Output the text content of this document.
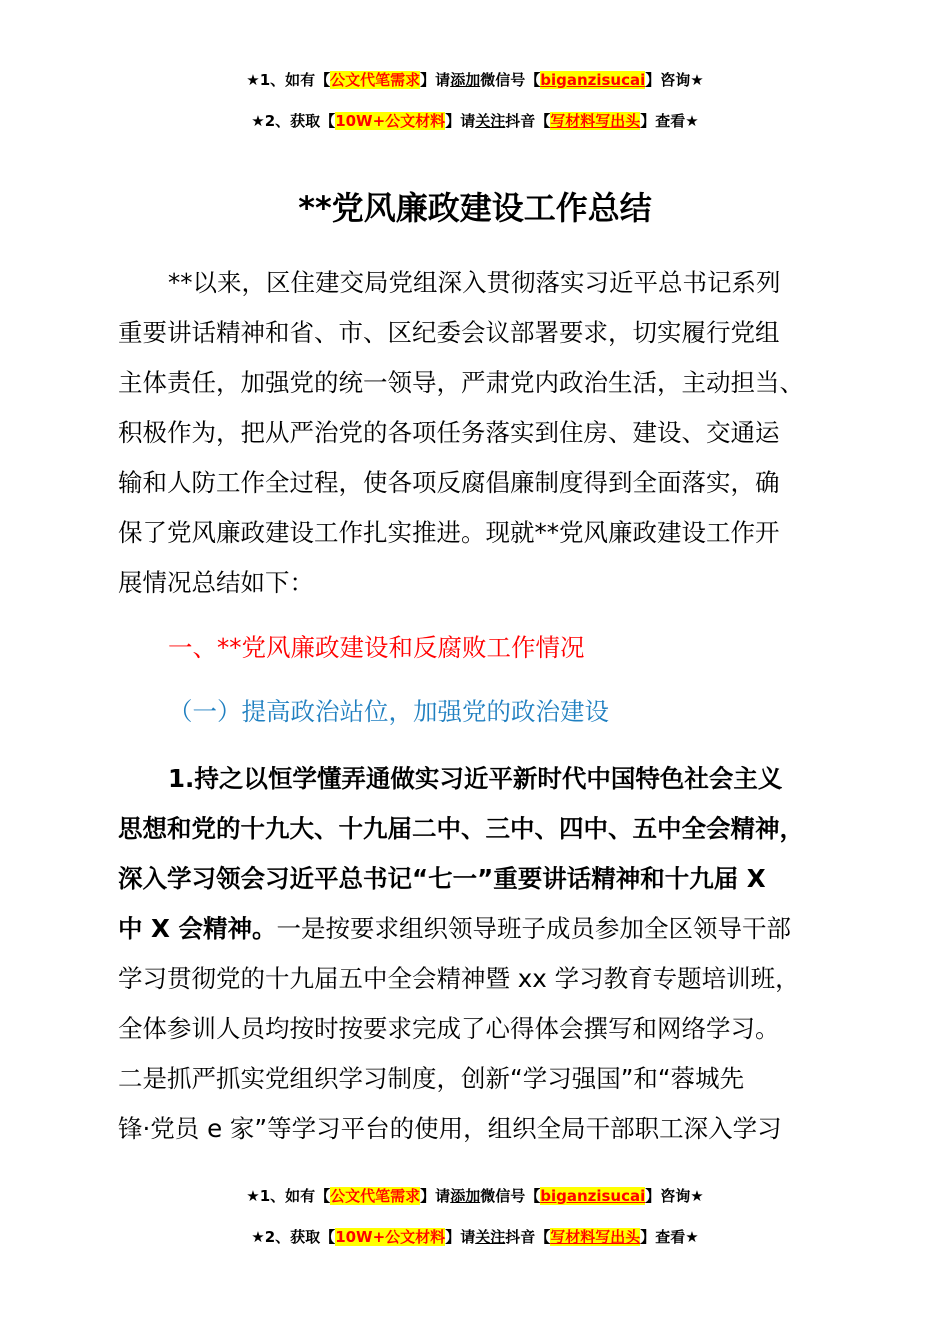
★1、如有【公文代笔需求】请添加微信号【biganzisucai】咨询★
★2、获取【10W+公文材料】请关注抖音【写材料写出头】查看★
**党风廉政建设工作总结
**以来，区住建交局党组深入贯彻落实习近平总书记系列
重要讲话精神和省、市、区纪委会议部署要求，切实履行党组
主体责任，加强党的统一领导，严肃党内政治生活，主动担当、
积极作为，把从严治党的各项任务落实到住房、建设、交通运
输和人防工作全过程，使各项反腐倡廉制度得到全面落实，确
保了党风廉政建设工作扎实推进。现就**党风廉政建设工作开
展情况总结如下：
一、**党风廉政建设和反腐败工作情况
（一）提高政治站位，加强党的政治建设
1.持之以恒学懂弄通做实习近平新时代中国特色社会主义
思想和党的十九大、十九届二中、三中、四中、五中全会精神，
深入学习领会习近平总书记“七一”重要讲话精神和十九届 X
中 X 会精神。一是按要求组织领导班子成员参加全区领导干部
学习贯彻党的十九届五中全会精神暨 xx 学习教育专题培训班，
全体参训人员均按时按要求完成了心得体会撰写和网络学习。
二是抓严抓实党组织学习制度，创新“学习强国”和“蓉城先
锋·党员 e 家”等学习平台的使用，组织全局干部职工深入学习
★1、如有【公文代笔需求】请添加微信号【biganzisucai】咨询★
★2、获取【10W+公文材料】请关注抖音【写材料写出头】查看★
